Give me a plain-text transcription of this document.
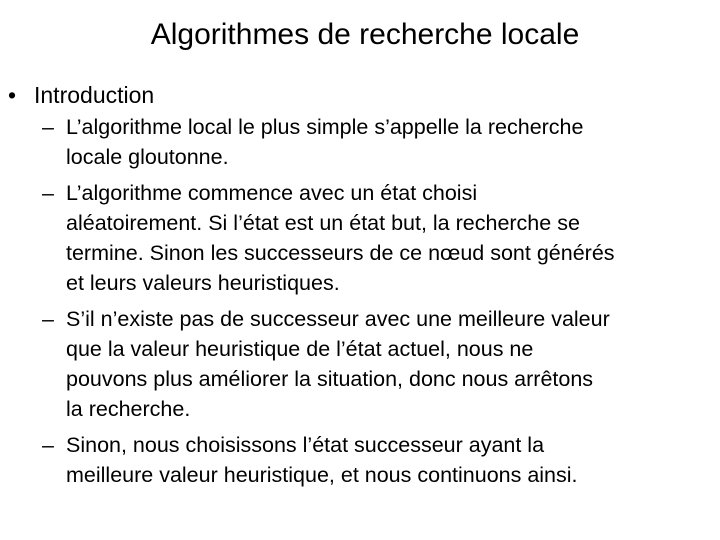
Algorithmes de recherche locale
• Introduction
– L’algorithme local le plus simple s’appelle la recherche
locale gloutonne.
– L’algorithme commence avec un état choisi
aléatoirement. Si l’état est un état but, la recherche se
termine. Sinon les successeurs de ce nœud sont générés
et leurs valeurs heuristiques.
– S’il n’existe pas de successeur avec une meilleure valeur
que la valeur heuristique de l’état actuel, nous ne
pouvons plus améliorer la situation, donc nous arrêtons
la recherche.
– Sinon, nous choisissons l’état successeur ayant la
meilleure valeur heuristique, et nous continuons ainsi.
